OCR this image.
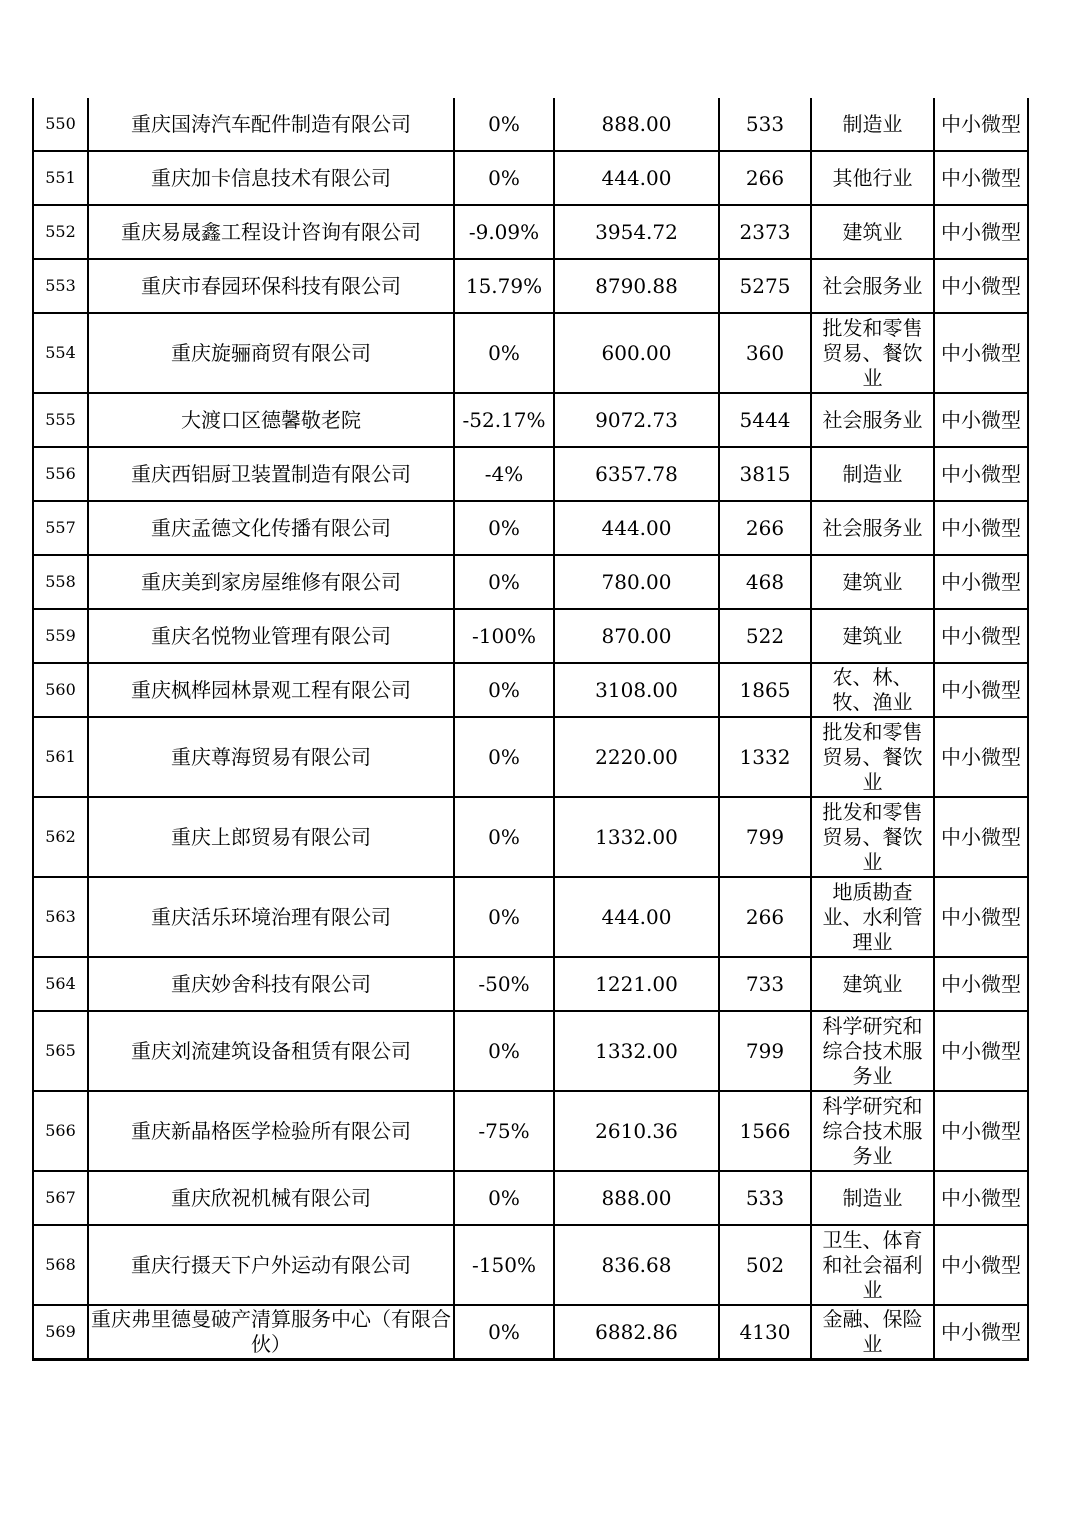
550	重庆国涛汽车配件制造有限公司	0%	888.00	533	制造业	中小微型

551	重庆加卡信息技术有限公司	0%	444.00	266	其他行业	中小微型

552	重庆易晟鑫工程设计咨询有限公司	-9.09%	3954.72	2373	建筑业	中小微型

553	重庆市春园环保科技有限公司	15.79%	8790.88	5275	社会服务业	中小微型

554	重庆旋骊商贸有限公司	0%	600.00	360	批发和零售贸易、餐饮业	中小微型

555	大渡口区德馨敬老院	-52.17%	9072.73	5444	社会服务业	中小微型

556	重庆西铝厨卫装置制造有限公司	-4%	6357.78	3815	制造业	中小微型

557	重庆孟德文化传播有限公司	0%	444.00	266	社会服务业	中小微型

558	重庆美到家房屋维修有限公司	0%	780.00	468	建筑业	中小微型

559	重庆名悦物业管理有限公司	-100%	870.00	522	建筑业	中小微型

560	重庆枫桦园林景观工程有限公司	0%	3108.00	1865	农、林、牧、渔业	中小微型

561	重庆尊海贸易有限公司	0%	2220.00	1332	批发和零售贸易、餐饮业	中小微型

562	重庆上郎贸易有限公司	0%	1332.00	799	批发和零售贸易、餐饮业	中小微型

563	重庆活乐环境治理有限公司	0%	444.00	266	地质勘查业、水利管理业	中小微型

564	重庆妙舍科技有限公司	-50%	1221.00	733	建筑业	中小微型

565	重庆刘流建筑设备租赁有限公司	0%	1332.00	799	科学研究和综合技术服务业	中小微型

566	重庆新晶格医学检验所有限公司	-75%	2610.36	1566	科学研究和综合技术服务业	中小微型

567	重庆欣祝机械有限公司	0%	888.00	533	制造业	中小微型

568	重庆行摄天下户外运动有限公司	-150%	836.68	502	卫生、体育和社会福利业	中小微型

569	重庆弗里德曼破产清算服务中心（有限合伙）	0%	6882.86	4130	金融、保险业	中小微型
